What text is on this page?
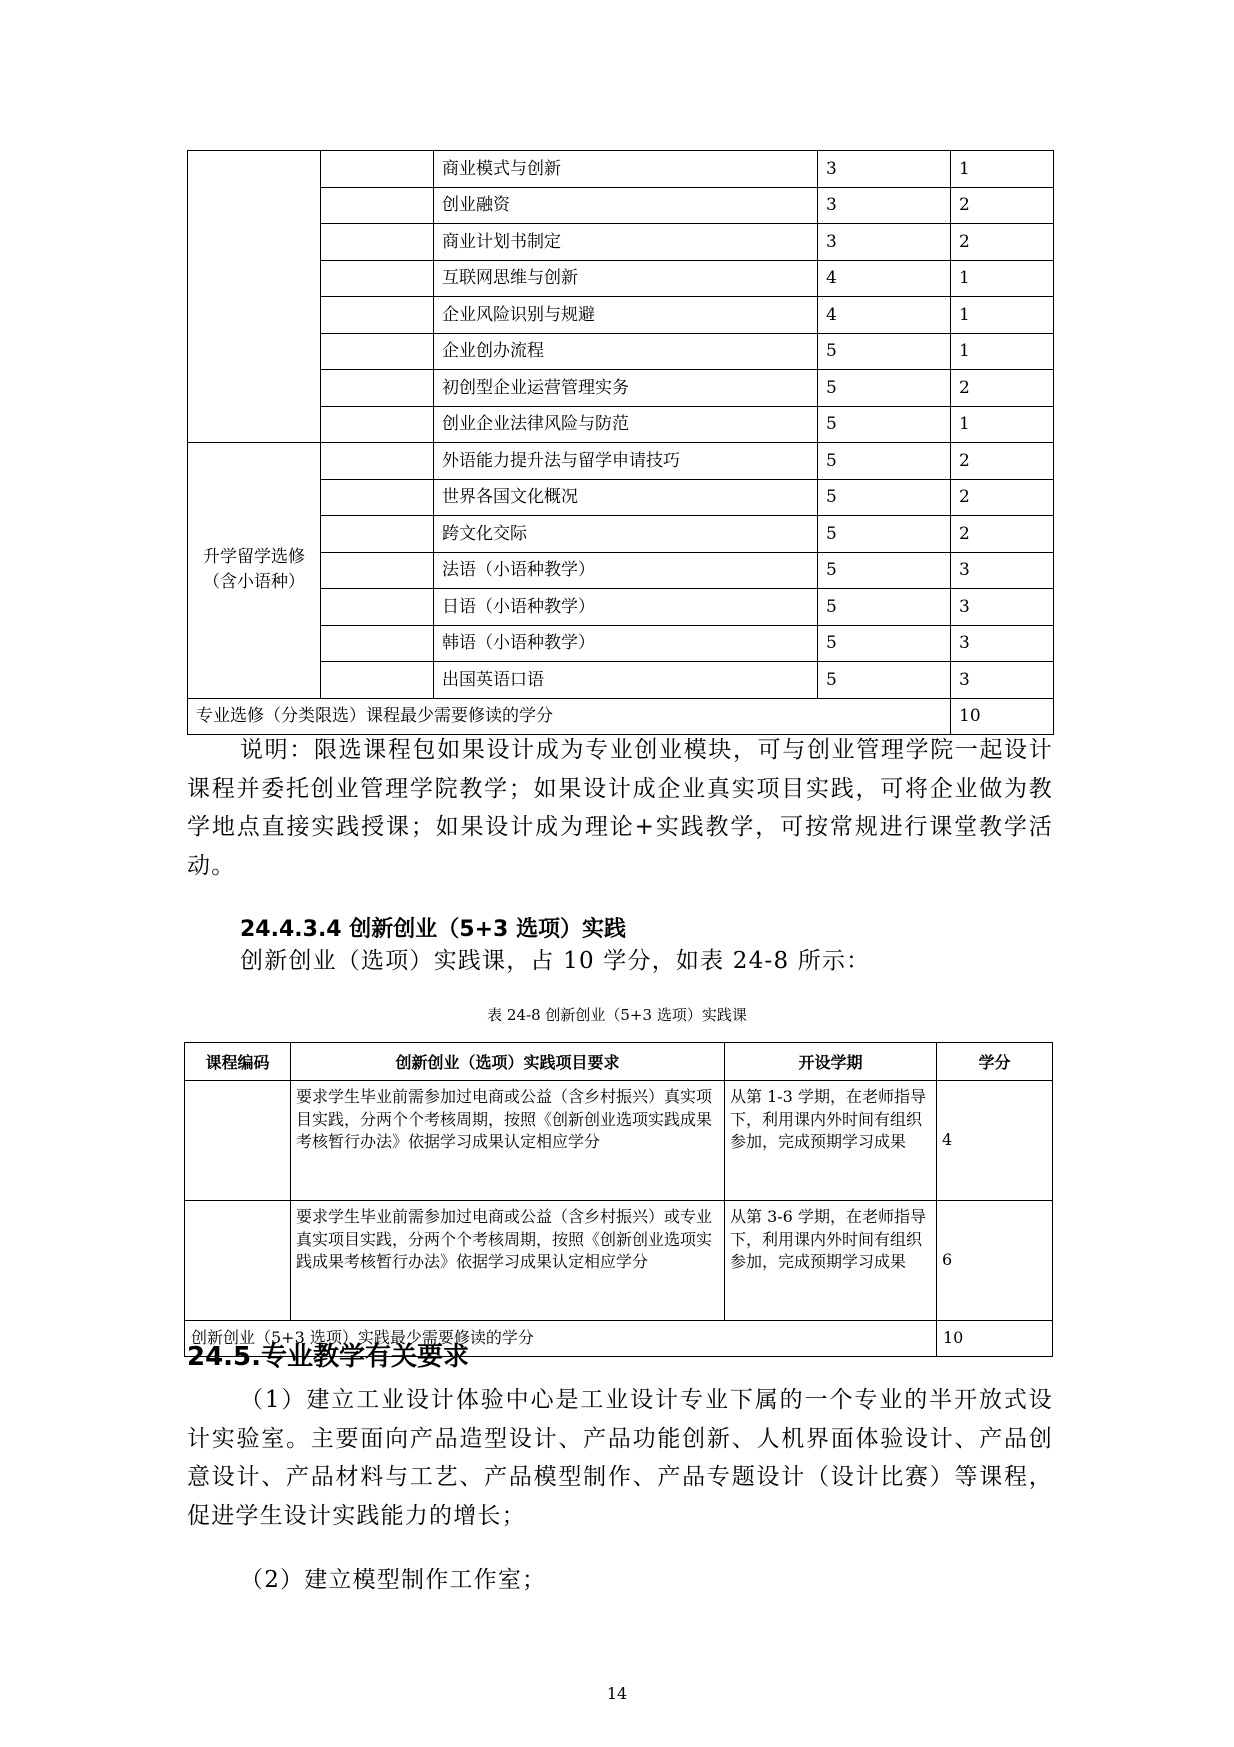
		商业模式与创新	3	1
		创业融资	3	2
		商业计划书制定	3	2
		互联网思维与创新	4	1
		企业风险识别与规避	4	1
		企业创办流程	5	1
		初创型企业运营管理实务	5	2
		创业企业法律风险与防范	5	1
升学留学选修（含小语种）		外语能力提升法与留学申请技巧	5	2
		世界各国文化概况	5	2
		跨文化交际	5	2
		法语（小语种教学）	5	3
		日语（小语种教学）	5	3
		韩语（小语种教学）	5	3
		出国英语口语	5	3
专业选修（分类限选）课程最少需要修读的学分				10

说明：限选课程包如果设计成为专业创业模块，可与创业管理学院一起设计课程并委托创业管理学院教学；如果设计成企业真实项目实践，可将企业做为教学地点直接实践授课；如果设计成为理论+实践教学，可按常规进行课堂教学活动。

24.4.3.4 创新创业（5+3 选项）实践

创新创业（选项）实践课，占 10 学分，如表 24-8 所示：

表 24-8 创新创业（5+3 选项）实践课

课程编码	创新创业（选项）实践项目要求	开设学期	学分
	要求学生毕业前需参加过电商或公益（含乡村振兴）真实项目实践，分两个个考核周期，按照《创新创业选项实践成果考核暂行办法》依据学习成果认定相应学分	从第 1-3 学期，在老师指导下，利用课内外时间有组织参加，完成预期学习成果	4
	要求学生毕业前需参加过电商或公益（含乡村振兴）或专业真实项目实践，分两个个考核周期，按照《创新创业选项实践成果考核暂行办法》依据学习成果认定相应学分	从第 3-6 学期，在老师指导下，利用课内外时间有组织参加，完成预期学习成果	6
创新创业（5+3 选项）实践最少需要修读的学分			10

24.5.专业教学有关要求

（1）建立工业设计体验中心是工业设计专业下属的一个专业的半开放式设计实验室。主要面向产品造型设计、产品功能创新、人机界面体验设计、产品创意设计、产品材料与工艺、产品模型制作、产品专题设计（设计比赛）等课程，促进学生设计实践能力的增长；

（2）建立模型制作工作室；

14
